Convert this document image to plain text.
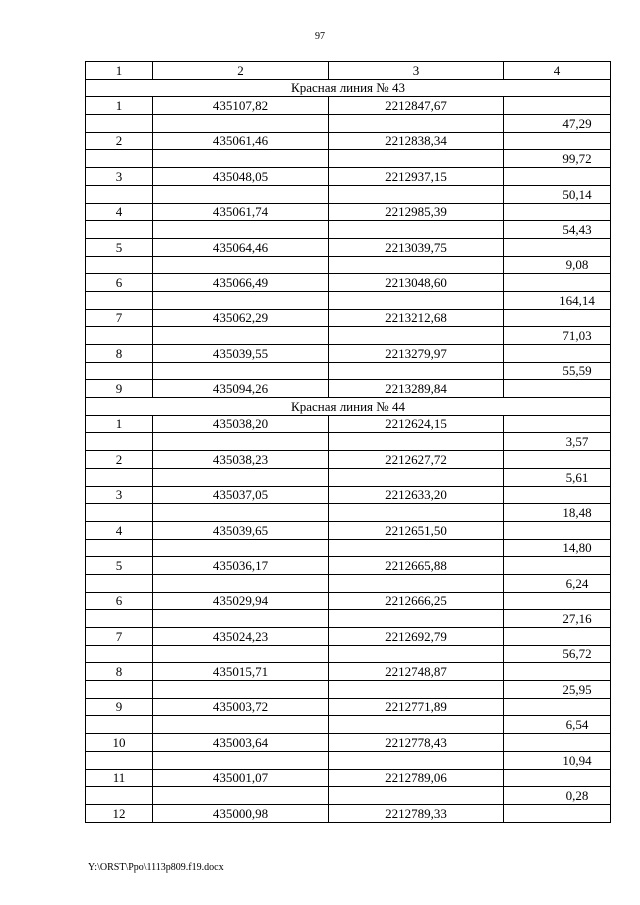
97
1	2	3	4
Красная линия № 43			
1	435107,82	2212847,67	
			47,29
2	435061,46	2212838,34	
			99,72
3	435048,05	2212937,15	
			50,14
4	435061,74	2212985,39	
			54,43
5	435064,46	2213039,75	
			9,08
6	435066,49	2213048,60	
			164,14
7	435062,29	2213212,68	
			71,03
8	435039,55	2213279,97	
			55,59
9	435094,26	2213289,84	
Красная линия № 44			
1	435038,20	2212624,15	
			3,57
2	435038,23	2212627,72	
			5,61
3	435037,05	2212633,20	
			18,48
4	435039,65	2212651,50	
			14,80
5	435036,17	2212665,88	
			6,24
6	435029,94	2212666,25	
			27,16
7	435024,23	2212692,79	
			56,72
8	435015,71	2212748,87	
			25,95
9	435003,72	2212771,89	
			6,54
10	435003,64	2212778,43	
			10,94
11	435001,07	2212789,06	
			0,28
12	435000,98	2212789,33	
Y:\ORST\Ppo\1113p809.f19.docx
